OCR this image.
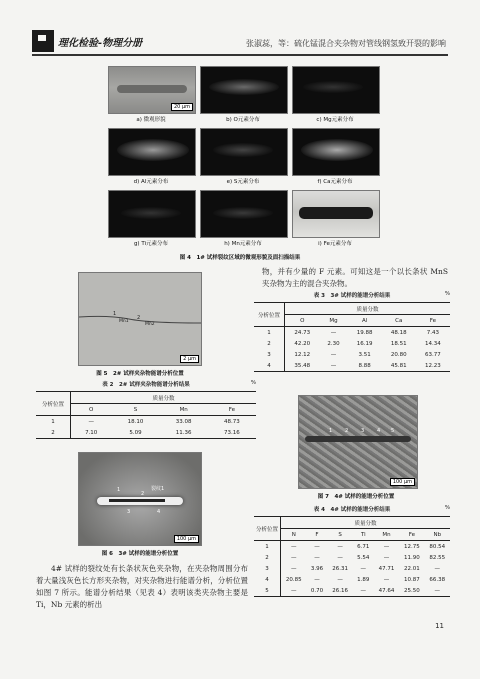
理化检验-物理分册	张淑蕊，等：硫化锰混合夹杂物对管线钢氢致开裂的影响
20 μm
a) 微观形貌	b) O元素分布	c) Mg元素分布
d) Al元素分布	e) S元素分布	f) Ca元素分布
g) Ti元素分布	h) Mn元素分布	i) Fe元素分布
图 4　1# 试样裂纹区域的微观形貌及面扫描结果
1
Mn1
2
Mn2
2 μm
图 5　2# 试样夹杂物能谱分析位置
表 2　2# 试样夹杂物能谱分析结果	%
分析位置	质量分数			
	O	S	Mn	Fe
1	—	18.10	33.08	48.73
2	7.10	5.09	11.36	73.16
1
2
3	4
裂纹1
100 μm
图 6　3# 试样的能谱分析位置
4# 试样的裂纹处有长条状灰色夹杂物，在夹杂物周围分布着大量浅灰色长方形夹杂物，对夹杂物进行能谱分析，分析位置如图 7 所示。能谱分析结果（见表 4）表明该类夹杂物主要是 Ti，Nb 元素的析出
物，并有少量的 F 元素。可知这是一个以长条状 MnS 夹杂物为主的混合夹杂物。
表 3　3# 试样的能谱分析结果	%
分析位置	质量分数				
	O	Mg	Al	Ca	Fe
1	24.73	—	19.88	48.18	7.43
2	42.20	2.30	16.19	18.51	14.34
3	12.12	—	3.51	20.80	63.77
4	35.48	—	8.88	45.81	12.23
1	2	3	4 5
100 μm
图 7　4# 试样的能谱分析位置
表 4　4# 试样的能谱分析结果	%
分析位置	质量分数						
	N	F	S	Ti	Mn	Fe	Nb
1	—	—	—	6.71	—	12.75	80.54
2	—	—	—	5.54	—	11.90	82.55
3	—	3.96	26.31	—	47.71	22.01	—
4	20.85	—	—	1.89	—	10.87	66.38
5	—	0.70	26.16	—	47.64	25.50	—
11
